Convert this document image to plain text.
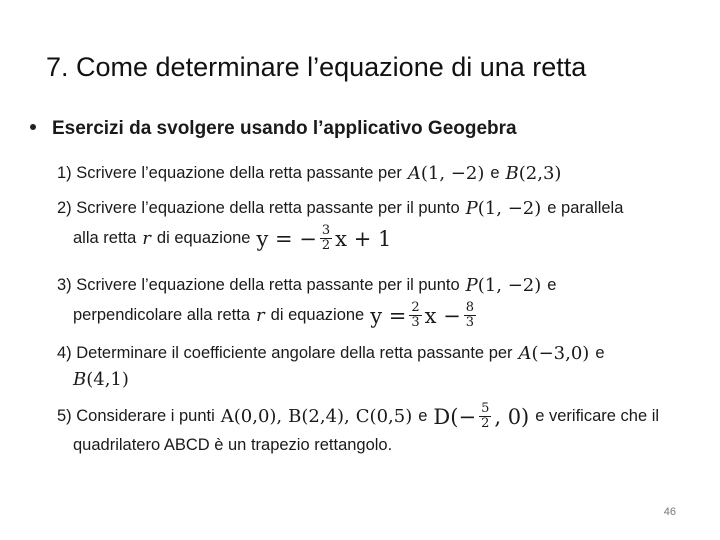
7. Come determinare l’equazione di una retta
Esercizi da svolgere usando l’applicativo Geogebra
1) Scrivere l’equazione della retta passante per A (1, −2) e B (2,3)
2) Scrivere l’equazione della retta passante per il punto P (1, −2) e parallela
alla retta r di equazione y = − $\frac{3}{2}$ x + 1
3) Scrivere l’equazione della retta passante per il punto P (1, −2) e
perpendicolare alla retta r di equazione $y = \frac{2}{3}$ $x - \frac{8}{3}$
4) Determinare il coefficiente angolare della retta passante per A (−3,0) e
B (4,1)
5) Considerare i punti A(0,0), B(2,4), C(0,5) e $D(- \frac{5}{2}$ , 0) e verificare che il
quadrilatero ABCD è un trapezio rettangolo.
46
